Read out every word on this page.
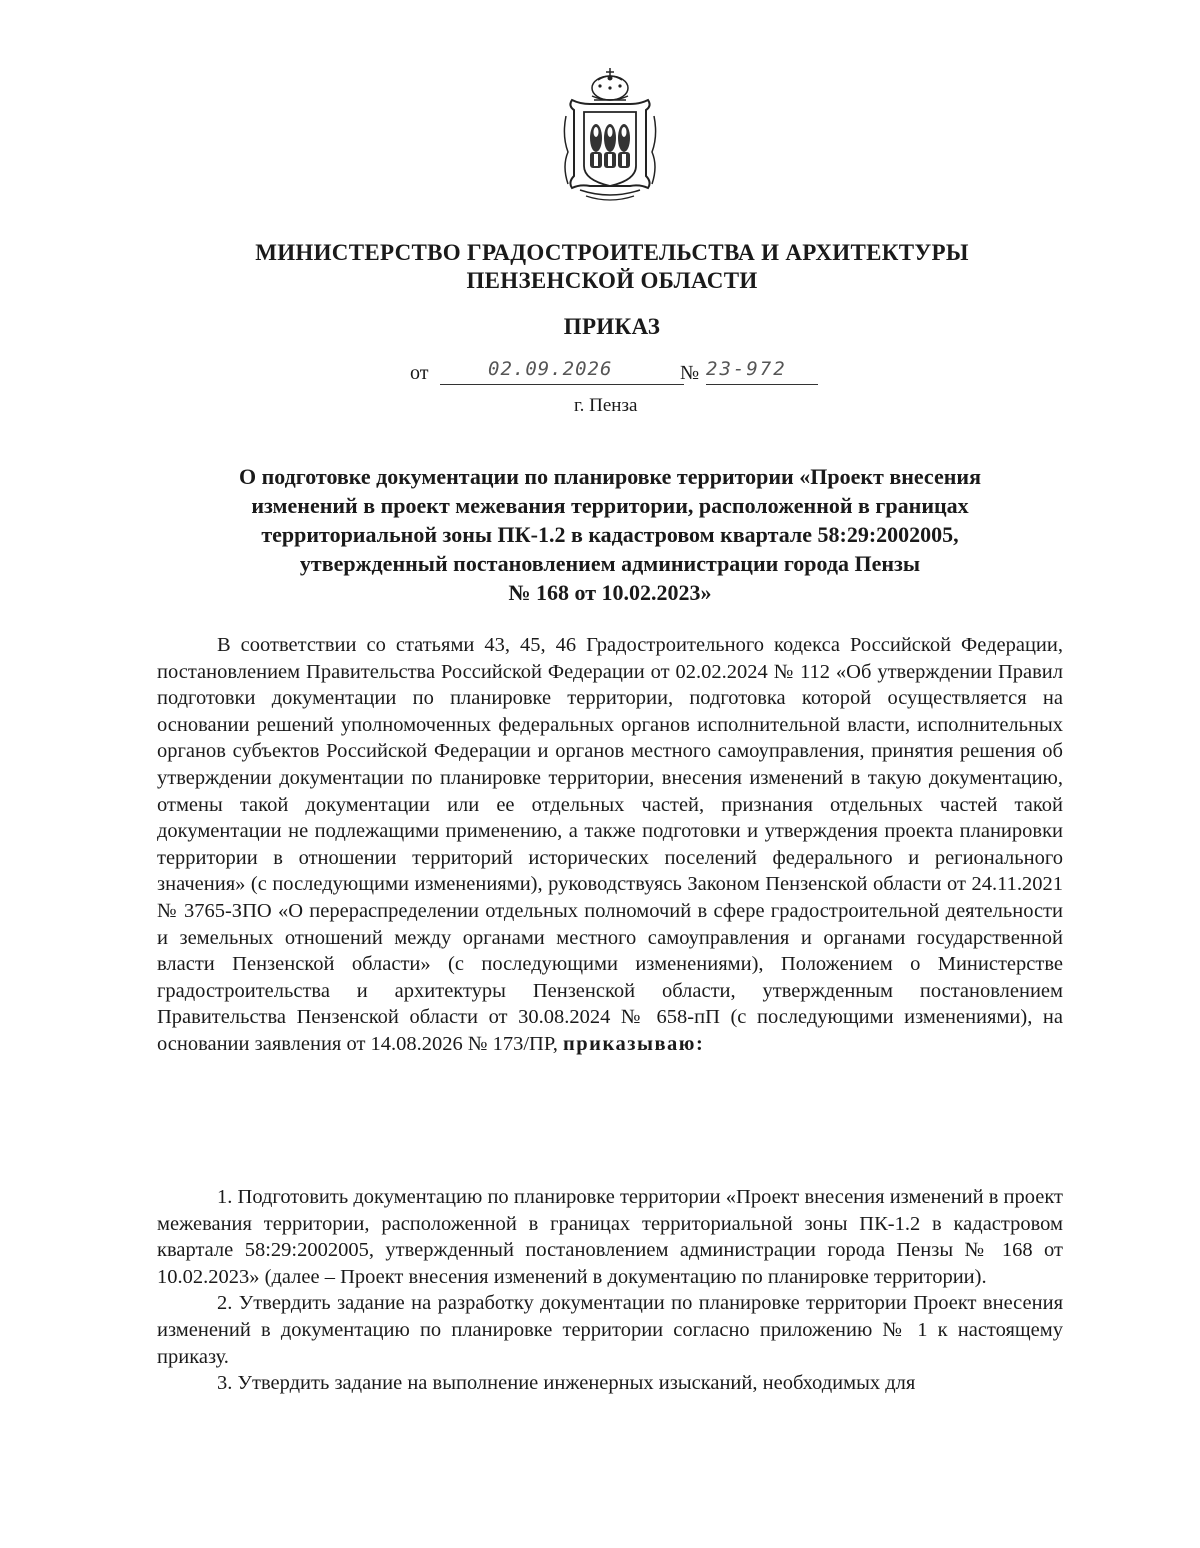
МИНИСТЕРСТВО ГРАДОСТРОИТЕЛЬСТВА И АРХИТЕКТУРЫ
ПЕНЗЕНСКОЙ ОБЛАСТИ
ПРИКАЗ
от	02.09.2026	№ 23-972
г. Пенза
О подготовке документации по планировке территории «Проект внесения
изменений в проект межевания территории, расположенной в границах
территориальной зоны ПК-1.2 в кадастровом квартале 58:29:2002005,
утвержденный постановлением администрации города Пензы
№ 168 от 10.02.2023»
В соответствии со статьями 43, 45, 46 Градостроительного кодекса Российской Федерации, постановлением Правительства Российской Федерации от 02.02.2024 № 112 «Об утверждении Правил подготовки документации по планировке территории, подготовка которой осуществляется на основании решений уполномоченных федеральных органов исполнительной власти, исполнительных органов субъектов Российской Федерации и органов местного самоуправления, принятия решения об утверждении документации по планировке территории, внесения изменений в такую документацию, отмены такой документации или ее отдельных частей, признания отдельных частей такой документации не подлежащими применению, а также подготовки и утверждения проекта планировки территории в отношении территорий исторических поселений федерального и регионального значения» (с последующими изменениями), руководствуясь Законом Пензенской области от 24.11.2021 № 3765-ЗПО «О перераспределении отдельных полномочий в сфере градостроительной деятельности и земельных отношений между органами местного самоуправления и органами государственной власти Пензенской области» (с последующими изменениями), Положением о Министерстве градостроительства и архитектуры Пензенской области, утвержденным постановлением Правительства Пензенской области от 30.08.2024 № 658-пП (с последующими изменениями), на основании заявления от 14.08.2026 № 173/ПР, приказываю:

1. Подготовить документацию по планировке территории «Проект внесения изменений в проект межевания территории, расположенной в границах территориальной зоны ПК-1.2 в кадастровом квартале 58:29:2002005, утвержденный постановлением администрации города Пензы № 168 от 10.02.2023» (далее – Проект внесения изменений в документацию по планировке территории).

2. Утвердить задание на разработку документации по планировке территории Проект внесения изменений в документацию по планировке территории согласно приложению № 1 к настоящему приказу.

3. Утвердить задание на выполнение инженерных изысканий, необходимых для
